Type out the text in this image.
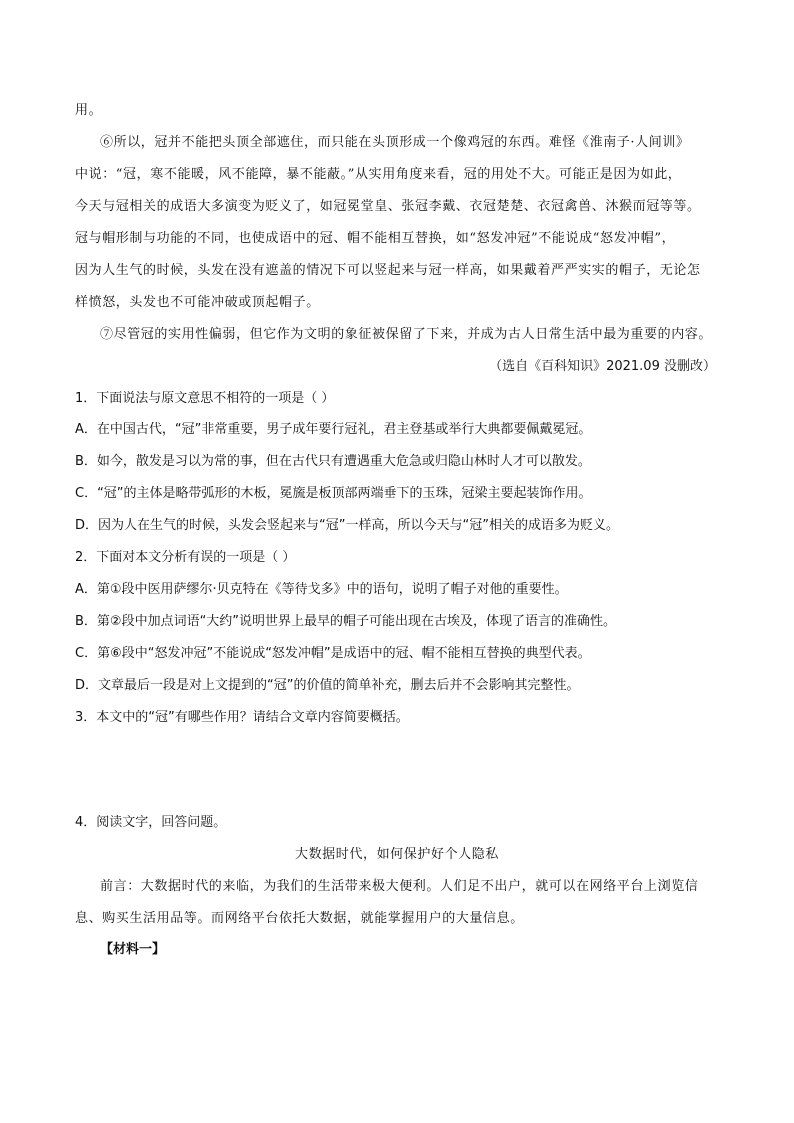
用。
⑥所以，冠并不能把头顶全部遮住，而只能在头顶形成一个像鸡冠的东西。难怪《淮南子·人间训》
中说：“冠，寒不能暖，风不能障，暴不能蔽。”从实用角度来看，冠的用处不大。可能正是因为如此，
今天与冠相关的成语大多演变为贬义了，如冠冕堂皇、张冠李戴、衣冠楚楚、衣冠禽兽、沐猴而冠等等。
冠与帽形制与功能的不同，也使成语中的冠、帽不能相互替换，如“怒发冲冠”不能说成“怒发冲帽”，
因为人生气的时候，头发在没有遮盖的情况下可以竖起来与冠一样高，如果戴着严严实实的帽子，无论怎
样愤怒，头发也不可能冲破或顶起帽子。
⑦尽管冠的实用性偏弱，但它作为文明的象征被保留了下来，并成为古人日常生活中最为重要的内容。
（选自《百科知识》2021.09 没删改）
1．下面说法与原文意思不相符的一项是（ ）
A．在中国古代，“冠”非常重要，男子成年要行冠礼，君主登基或举行大典都要佩戴冕冠。
B．如今，散发是习以为常的事，但在古代只有遭遇重大危急或归隐山林时人才可以散发。
C．“冠”的主体是略带弧形的木板，冕旒是板顶部两端垂下的玉珠，冠梁主要起装饰作用。
D．因为人在生气的时候，头发会竖起来与“冠”一样高，所以今天与“冠”相关的成语多为贬义。
2．下面对本文分析有误的一项是（ ）
A．第①段中医用萨缪尔·贝克特在《等待戈多》中的语句，说明了帽子对他的重要性。
B．第②段中加点词语“大约”说明世界上最早的帽子可能出现在古埃及，体现了语言的准确性。
C．第⑥段中“怒发冲冠”不能说成“怒发冲帽”是成语中的冠、帽不能相互替换的典型代表。
D．文章最后一段是对上文提到的“冠”的价值的简单补充，删去后并不会影响其完整性。
3．本文中的“冠”有哪些作用？请结合文章内容简要概括。
4．阅读文字，回答问题。
大数据时代，如何保护好个人隐私
前言：大数据时代的来临，为我们的生活带来极大便利。人们足不出户，就可以在网络平台上浏览信
息、购买生活用品等。而网络平台依托大数据，就能掌握用户的大量信息。
【材料一】
